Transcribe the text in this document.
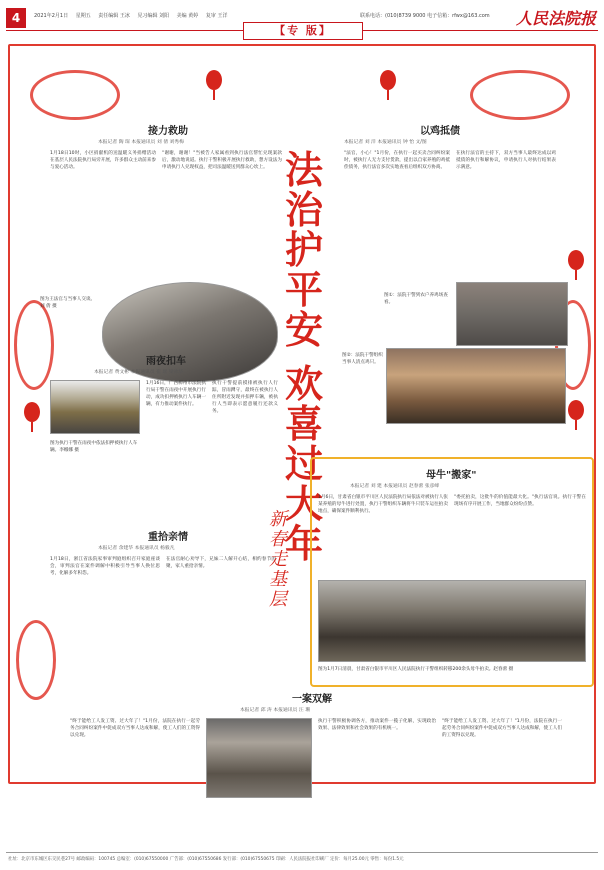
4	2021年2月1日 星期五 责任编辑 王冰 见习编辑 刘阳 美编 黄婷 复审 王洋	联系电话：(010)8739 9000 电子信箱：rfwx@163.com 人民法院报
【专 版】
接力救助
本报记者 陶 琛 本报通讯员 刘 倩 刘秀梅
1月18日10时，小区捐献机的送温暖义务捐赠活动在基层人民法院执行局旁开展，许多群众主动前来参与爱心活动。
"谢谢，谢谢！"当被告人家属看到执行法官帮忙兑现案款后，激动地说道。执行干警积极开展执行救助，想方设法为申请执行人兑现权益，把司法温暖送到群众心坎上。
图为王法官与当事人交谈。刘 倩 摄
法
治
护
平
安
欢
喜
过
大
年
以鸡抵债
本报记者 刘 洋 本报通讯员 钟 怡 文/图
"法官，小心！"1月份，在执行一起买卖合同纠纷案时，被执行人无力支付货款，提出以自家养殖的鸡抵偿债务，执行法官多次实地查看后组织双方协商。
在执行法官的主持下，双方当事人最终达成以鸡抵债的执行和解协议，申请执行人对执行结果表示满意。
图①：法院干警到农户养鸡场查看。
图②：法院干警组织当事人清点鸡只。
雨夜扣车
本报记者 费文彬 本报通讯员 崔 瑶 梁冰华
图为执行干警在雨夜中依法扣押被执行人车辆。李娜娜 摄
1月16日，广西柳州市法院执行局干警在雨夜中开展执行行动，成功扣押被执行人车辆一辆，有力推动案件执行。
执行干警提前摸排被执行人行踪，冒雨蹲守，最终在被执行人住所附近发现并扣押车辆，被执行人当即表示愿意履行还款义务。
重拾亲情
本报记者 余建华 本报通讯员 杨毅凡
1月18日，浙江省法院家事审判庭组织召开家庭座谈会，审判法官在案件调解中积极引导当事人换位思考，化解多年积怨。
在法官耐心劝导下，兄妹二人解开心结，相约春节团聚，家人重拾亲情。
新
春
走
基
层
母牛"搬家"
本报记者 刘 建 本报通讯员 赵春蕾 张彦峰
1月6日，甘肃省白银市平川区人民法院执行局依法对被执行人张某养殖的母牛进行处置，执行干警组织车辆将牛只装车运往拍卖地点，确保案件顺利执行。
"委托拍卖，这批牛的价值能最大化。"执行法官说。执行干警在现场有序开展工作，当地群众纷纷点赞。
图为1月7日清晨，甘肃省白银市平川区人民法院执行干警组织转移200余头母牛拍卖。赵春蕾 摄
一案双解
本报记者 邱 涛 本报通讯员 汪 珊
"终于能给工人发工资、过大年了！"1月份，法院在执行一起劳务合同纠纷案件中促成双方当事人达成和解，使工人们的工资得以兑现。
执行干警积极协调各方，推动案件一揽子化解，实现政治效果、法律效果和社会效果的有机统一。
"终于能给工人发工资、过大年了！"1月份，法院在执行一起劳务合同纠纷案件中促成双方当事人达成和解，使工人们的工资得以兑现。
社址：北京市东城区东交民巷27号 邮政编码：100745 总编室：(010)67550000 广告部：(010)67550686 发行部：(010)67550675 印刷：人民法院报社印刷厂 定价：每月25.00元 零售：每份1.5元
